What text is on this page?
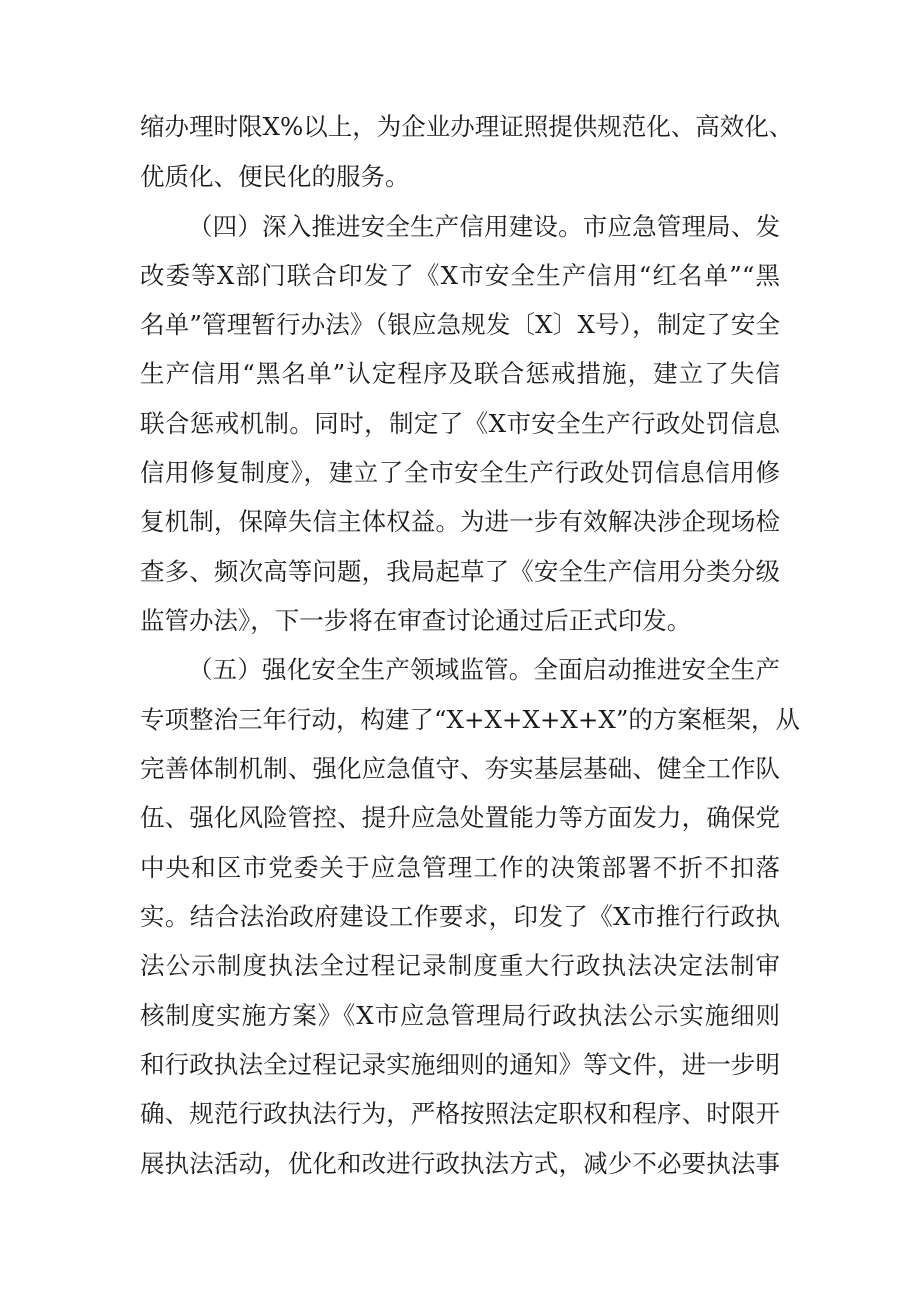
缩办理时限X%以上，为企业办理证照提供规范化、高效化、
优质化、便民化的服务。
（四）深入推进安全生产信用建设。市应急管理局、发
改委等X部门联合印发了《X市安全生产信用“红名单”“黑
名单”管理暂行办法》（银应急规发〔X〕X号），制定了安全
生产信用“黑名单”认定程序及联合惩戒措施，建立了失信
联合惩戒机制。同时，制定了《X市安全生产行政处罚信息
信用修复制度》，建立了全市安全生产行政处罚信息信用修
复机制，保障失信主体权益。为进一步有效解决涉企现场检
查多、频次高等问题，我局起草了《安全生产信用分类分级
监管办法》，下一步将在审查讨论通过后正式印发。
（五）强化安全生产领域监管。全面启动推进安全生产
专项整治三年行动，构建了“X+X+X+X+X”的方案框架，从
完善体制机制、强化应急值守、夯实基层基础、健全工作队
伍、强化风险管控、提升应急处置能力等方面发力，确保党
中央和区市党委关于应急管理工作的决策部署不折不扣落
实。结合法治政府建设工作要求，印发了《X市推行行政执
法公示制度执法全过程记录制度重大行政执法决定法制审
核制度实施方案》《X市应急管理局行政执法公示实施细则
和行政执法全过程记录实施细则的通知》等文件，进一步明
确、规范行政执法行为，严格按照法定职权和程序、时限开
展执法活动，优化和改进行政执法方式，减少不必要执法事
